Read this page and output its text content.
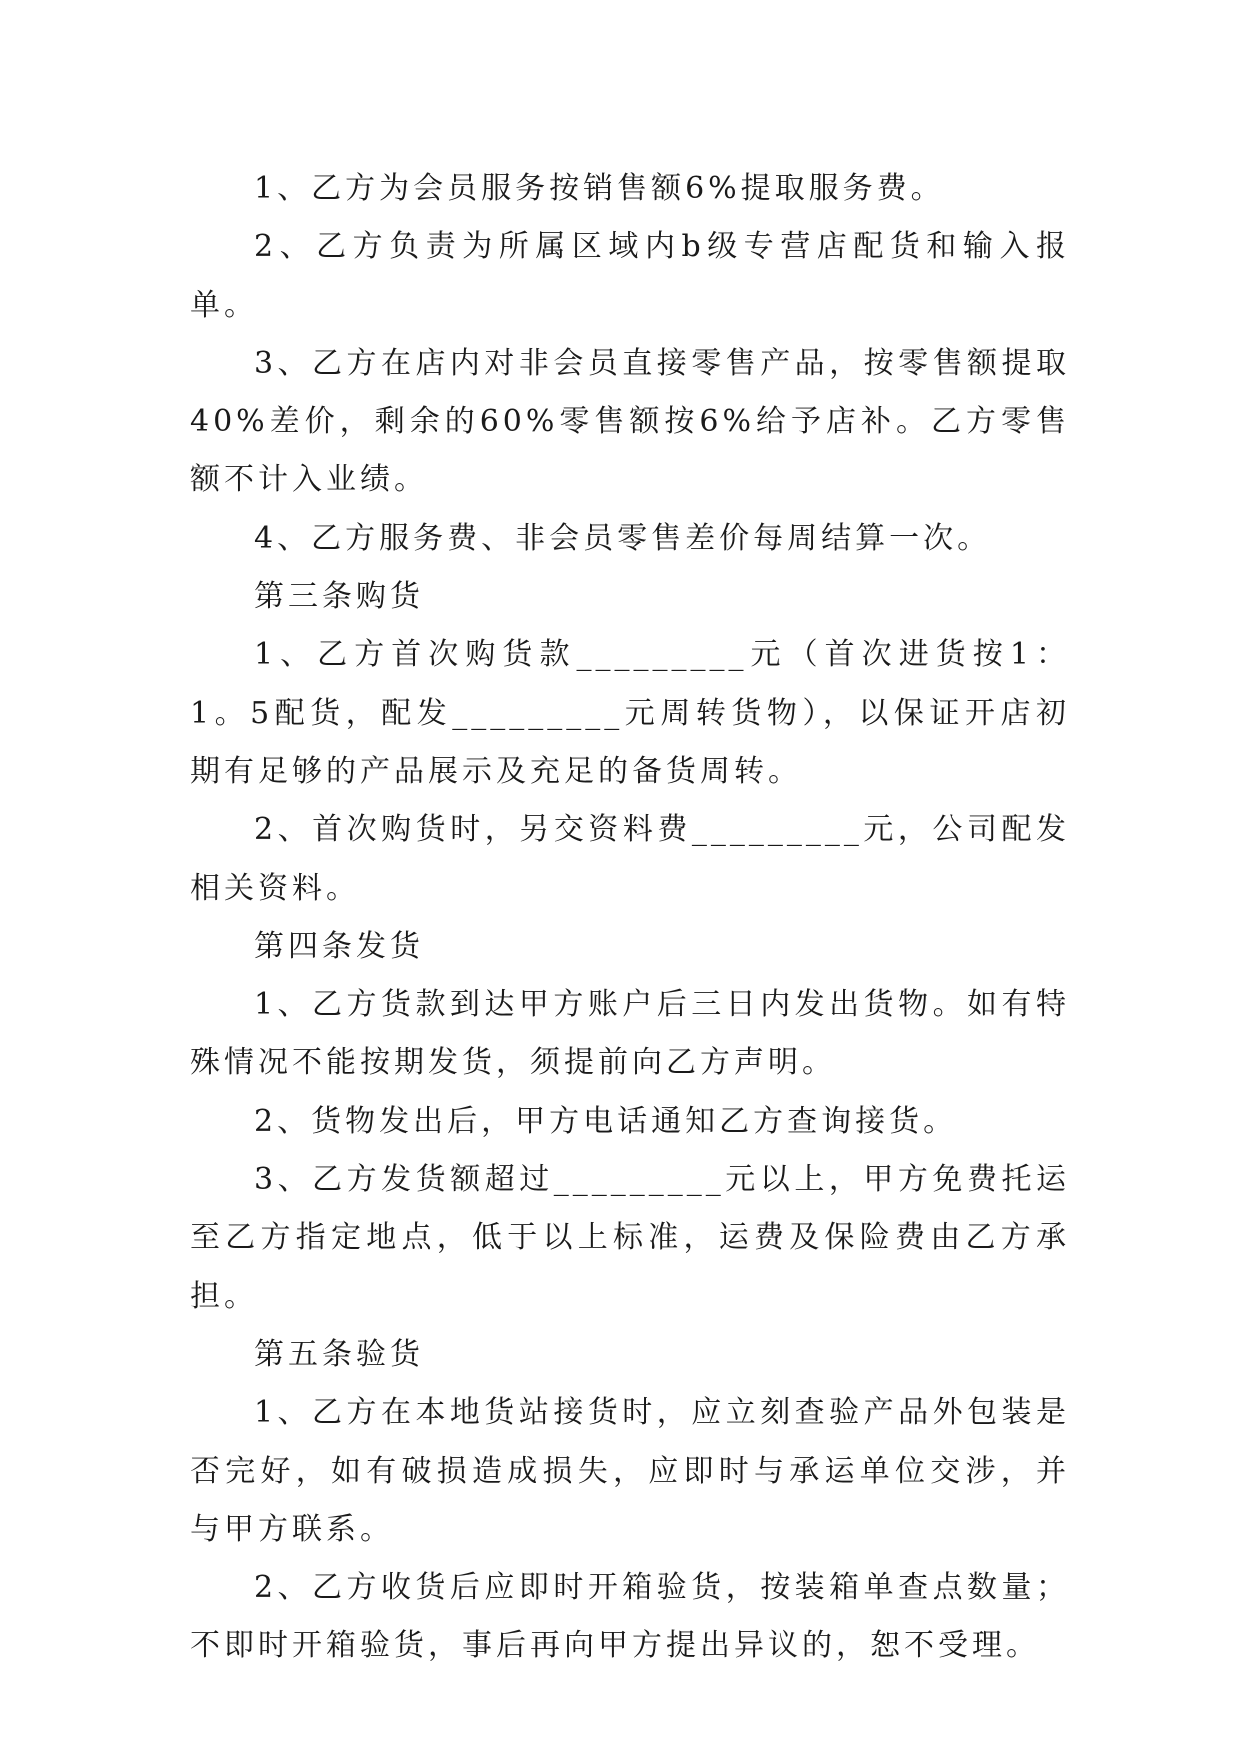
1、乙方为会员服务按销售额6%提取服务费。

2、乙方负责为所属区域内b级专营店配货和输入报单。

3、乙方在店内对非会员直接零售产品，按零售额提取40%差价，剩余的60%零售额按6%给予店补。乙方零售额不计入业绩。

4、乙方服务费、非会员零售差价每周结算一次。

第三条购货

1、乙方首次购货款_________元（首次进货按1：1。5配货，配发_________元周转货物），以保证开店初期有足够的产品展示及充足的备货周转。

2、首次购货时，另交资料费_________元，公司配发相关资料。

第四条发货

1、乙方货款到达甲方账户后三日内发出货物。如有特殊情况不能按期发货，须提前向乙方声明。

2、货物发出后，甲方电话通知乙方查询接货。

3、乙方发货额超过_________元以上，甲方免费托运至乙方指定地点，低于以上标准，运费及保险费由乙方承担。

第五条验货

1、乙方在本地货站接货时，应立刻查验产品外包装是否完好，如有破损造成损失，应即时与承运单位交涉，并与甲方联系。

2、乙方收货后应即时开箱验货，按装箱单查点数量；不即时开箱验货，事后再向甲方提出异议的，恕不受理。
